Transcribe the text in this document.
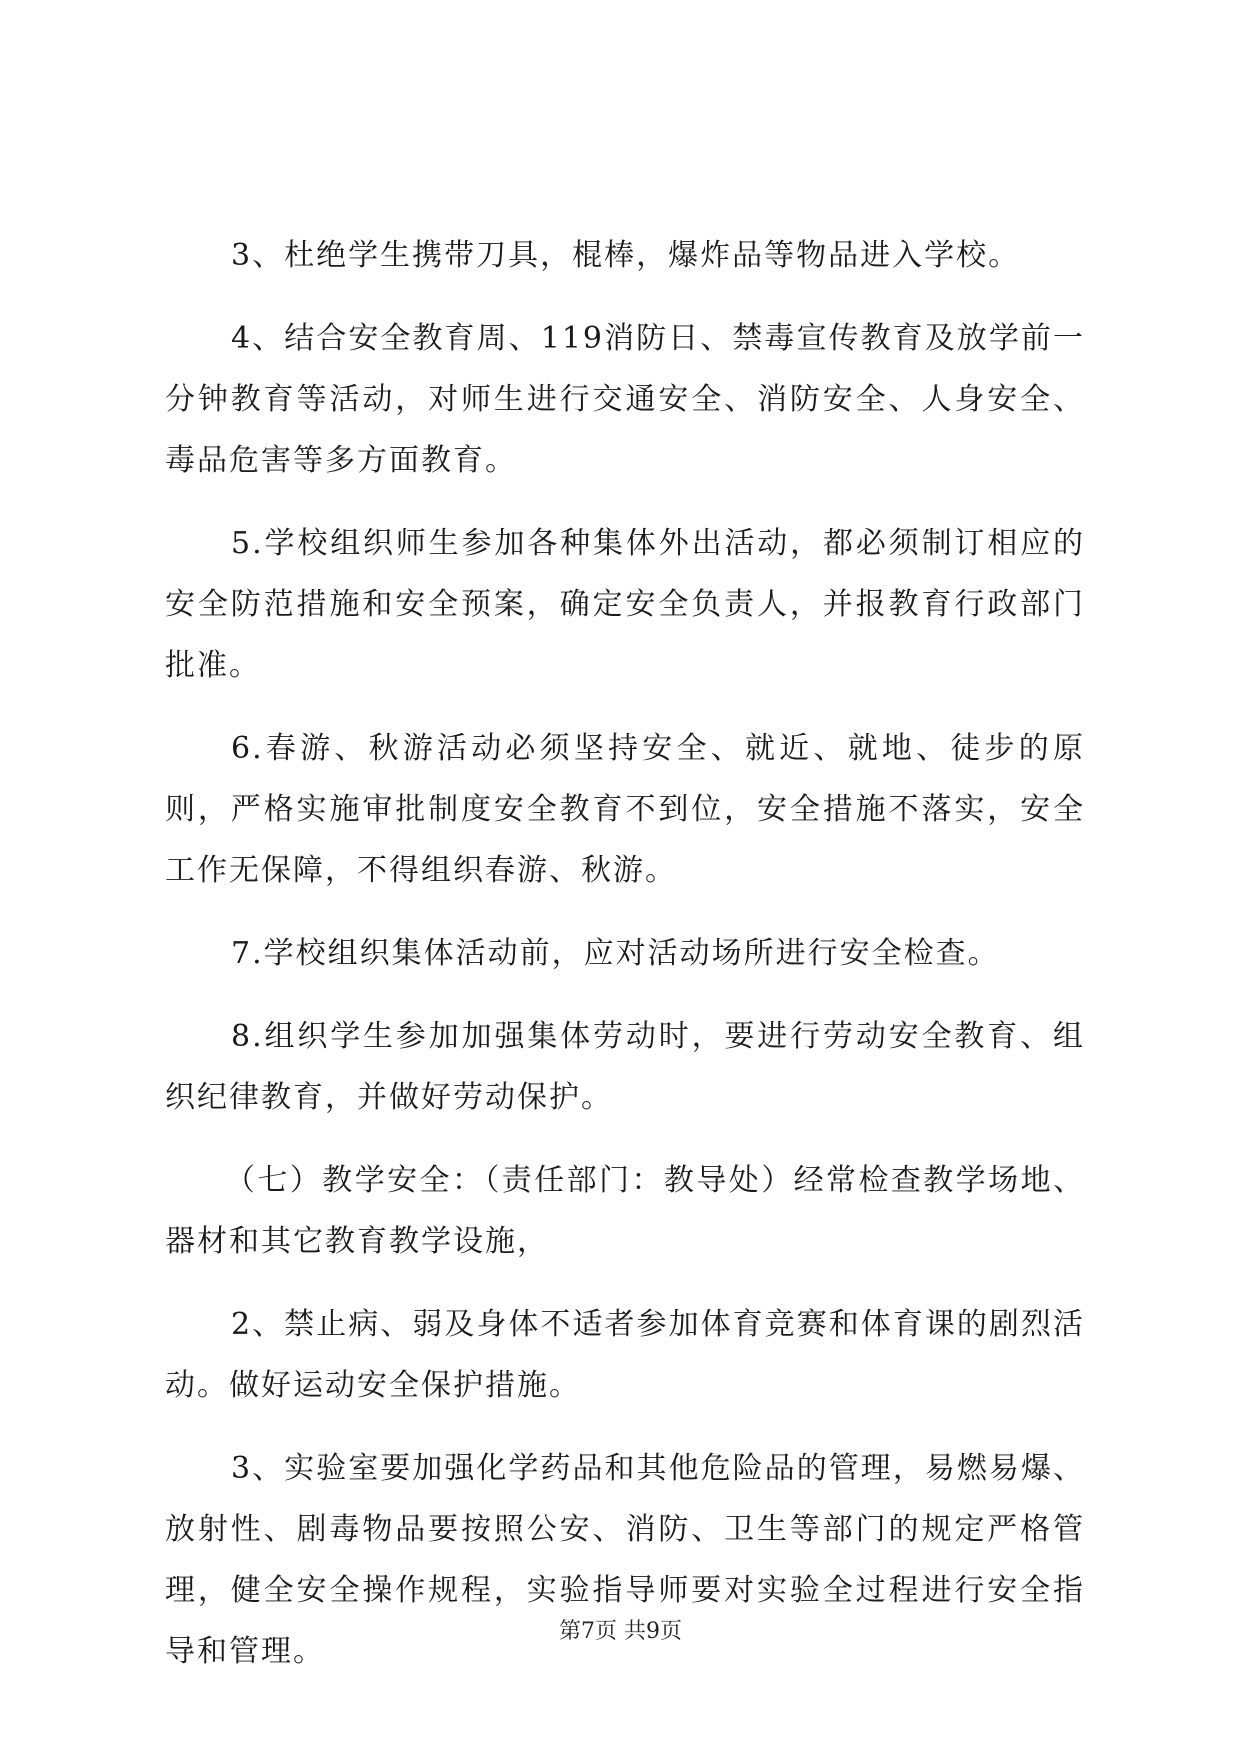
3、杜绝学生携带刀具，棍棒，爆炸品等物品进入学校。

4、结合安全教育周、119消防日、禁毒宣传教育及放学前一分钟教育等活动，对师生进行交通安全、消防安全、人身安全、毒品危害等多方面教育。

5.学校组织师生参加各种集体外出活动，都必须制订相应的安全防范措施和安全预案，确定安全负责人，并报教育行政部门批准。

6.春游、秋游活动必须坚持安全、就近、就地、徒步的原则，严格实施审批制度安全教育不到位，安全措施不落实，安全工作无保障，不得组织春游、秋游。

7.学校组织集体活动前，应对活动场所进行安全检查。

8.组织学生参加加强集体劳动时，要进行劳动安全教育、组织纪律教育，并做好劳动保护。

（七）教学安全：（责任部门：教导处）经常检查教学场地、器材和其它教育教学设施，

2、禁止病、弱及身体不适者参加体育竞赛和体育课的剧烈活动。做好运动安全保护措施。

3、实验室要加强化学药品和其他危险品的管理，易燃易爆、放射性、剧毒物品要按照公安、消防、卫生等部门的规定严格管理，健全安全操作规程，实验指导师要对实验全过程进行安全指导和管理。

第7页 共9页
